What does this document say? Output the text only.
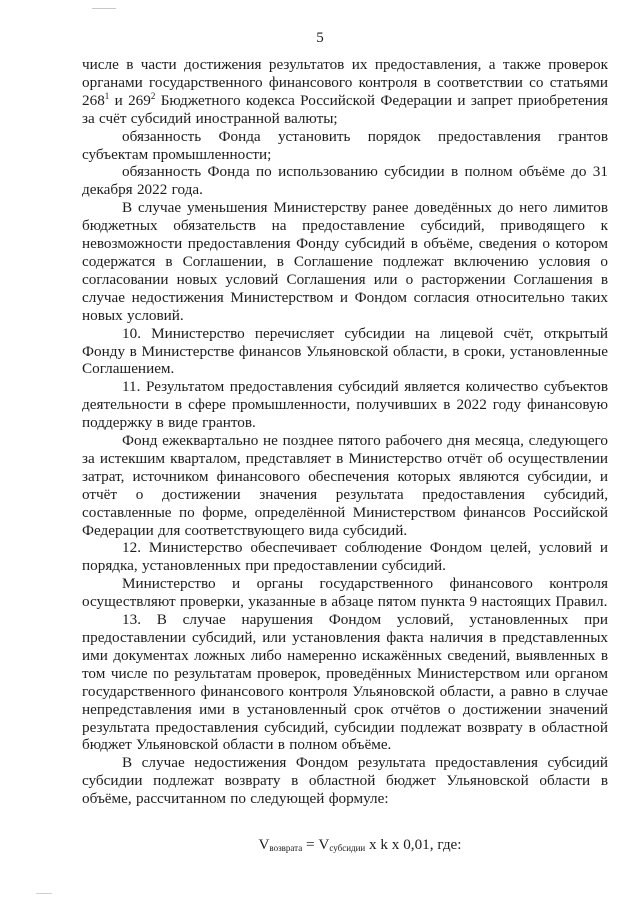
5

числе в части достижения результатов их предоставления, а также проверок органами государственного финансового контроля в соответствии со статьями $268^1$ и $269^2$ Бюджетного кодекса Российской Федерации и запрет приобретения за счёт субсидий иностранной валюты;

обязанность Фонда установить порядок предоставления грантов субъектам промышленности;

обязанность Фонда по использованию субсидии в полном объёме до 31 декабря 2022 года.

В случае уменьшения Министерству ранее доведённых до него лимитов бюджетных обязательств на предоставление субсидий, приводящего к невозможности предоставления Фонду субсидий в объёме, сведения о котором содержатся в Соглашении, в Соглашение подлежат включению условия о согласовании новых условий Соглашения или о расторжении Соглашения в случае недостижения Министерством и Фондом согласия относительно таких новых условий.

10. Министерство перечисляет субсидии на лицевой счёт, открытый Фонду в Министерстве финансов Ульяновской области, в сроки, установленные Соглашением.

11. Результатом предоставления субсидий является количество субъектов деятельности в сфере промышленности, получивших в 2022 году финансовую поддержку в виде грантов.

Фонд ежеквартально не позднее пятого рабочего дня месяца, следующего за истекшим кварталом, представляет в Министерство отчёт об осуществлении затрат, источником финансового обеспечения которых являются субсидии, и отчёт о достижении значения результата предоставления субсидий, составленные по форме, определённой Министерством финансов Российской Федерации для соответствующего вида субсидий.

12. Министерство обеспечивает соблюдение Фондом целей, условий и порядка, установленных при предоставлении субсидий.

Министерство и органы государственного финансового контроля осуществляют проверки, указанные в абзаце пятом пункта 9 настоящих Правил.

13. В случае нарушения Фондом условий, установленных при предоставлении субсидий, или установления факта наличия в представленных ими документах ложных либо намеренно искажённых сведений, выявленных в том числе по результатам проверок, проведённых Министерством или органом государственного финансового контроля Ульяновской области, а равно в случае непредставления ими в установленный срок отчётов о достижении значений результата предоставления субсидий, субсидии подлежат возврату в областной бюджет Ульяновской области в полном объёме.

В случае недостижения Фондом результата предоставления субсидий субсидии подлежат возврату в областной бюджет Ульяновской области в объёме, рассчитанном по следующей формуле:

$V_{возврата} = V_{субсидии}$ x k x 0,01, где:
